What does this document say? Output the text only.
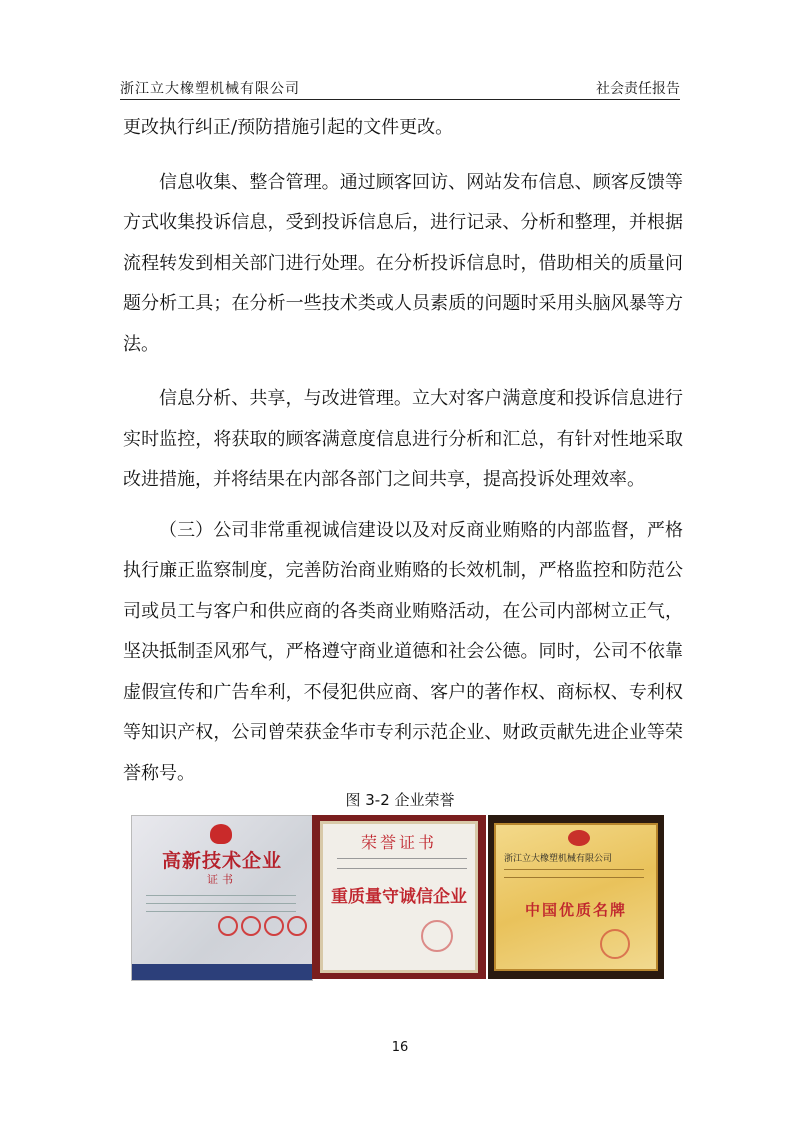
浙江立大橡塑机械有限公司	社会责任报告

更改执行纠正/预防措施引起的文件更改。

信息收集、整合管理。通过顾客回访、网站发布信息、顾客反馈等方式收集投诉信息，受到投诉信息后，进行记录、分析和整理，并根据流程转发到相关部门进行处理。在分析投诉信息时，借助相关的质量问题分析工具；在分析一些技术类或人员素质的问题时采用头脑风暴等方法。

信息分析、共享，与改进管理。立大对客户满意度和投诉信息进行实时监控，将获取的顾客满意度信息进行分析和汇总，有针对性地采取改进措施，并将结果在内部各部门之间共享，提高投诉处理效率。

（三）公司非常重视诚信建设以及对反商业贿赂的内部监督，严格执行廉正监察制度，完善防治商业贿赂的长效机制，严格监控和防范公司或员工与客户和供应商的各类商业贿赂活动，在公司内部树立正气，坚决抵制歪风邪气，严格遵守商业道德和社会公德。同时，公司不依靠虚假宣传和广告牟利，不侵犯供应商、客户的著作权、商标权、专利权等知识产权，公司曾荣获金华市专利示范企业、财政贡献先进企业等荣誉称号。

图 3-2 企业荣誉
高新技术企业
证书
荣誉证书
重质量守诚信企业
浙江立大橡塑机械有限公司
中国优质名牌
16
